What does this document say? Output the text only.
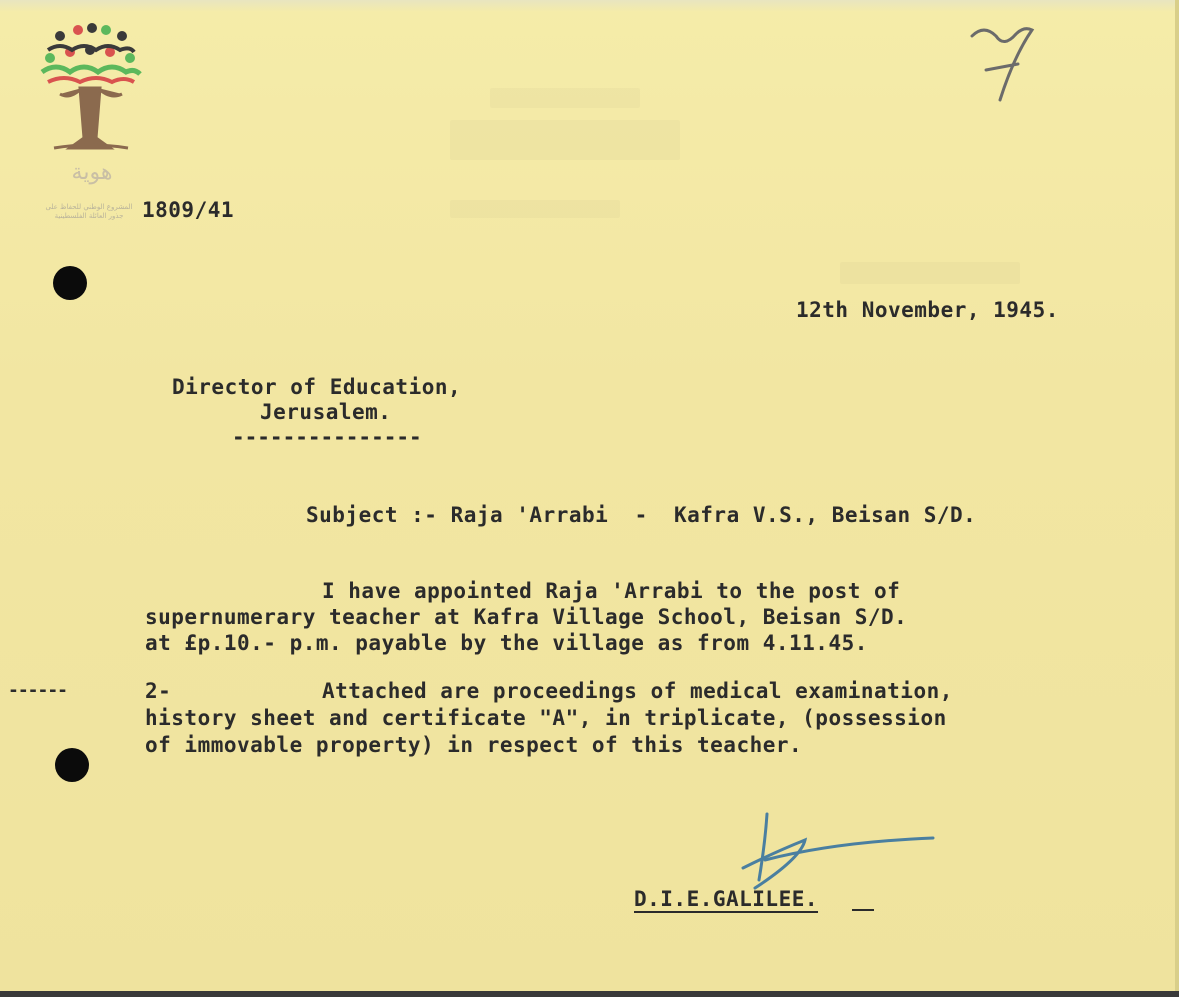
هوية
المشروع الوطني للحفاظ على
جذور العائلة الفلسطينية 1809/41
12th November, 1945.
Director of Education,
Jerusalem.
---------------
Subject :- Raja 'Arrabi  -  Kafra V.S., Beisan S/D.
I have appointed Raja 'Arrabi to the post of
supernumerary teacher at Kafra Village School, Beisan S/D.
at £p.10.- p.m. payable by the village as from 4.11.45.
------	2-	Attached are proceedings of medical examination,
history sheet and certificate "A", in triplicate, (possession
of immovable property) in respect of this teacher.
D.I.E.GALILEE.
